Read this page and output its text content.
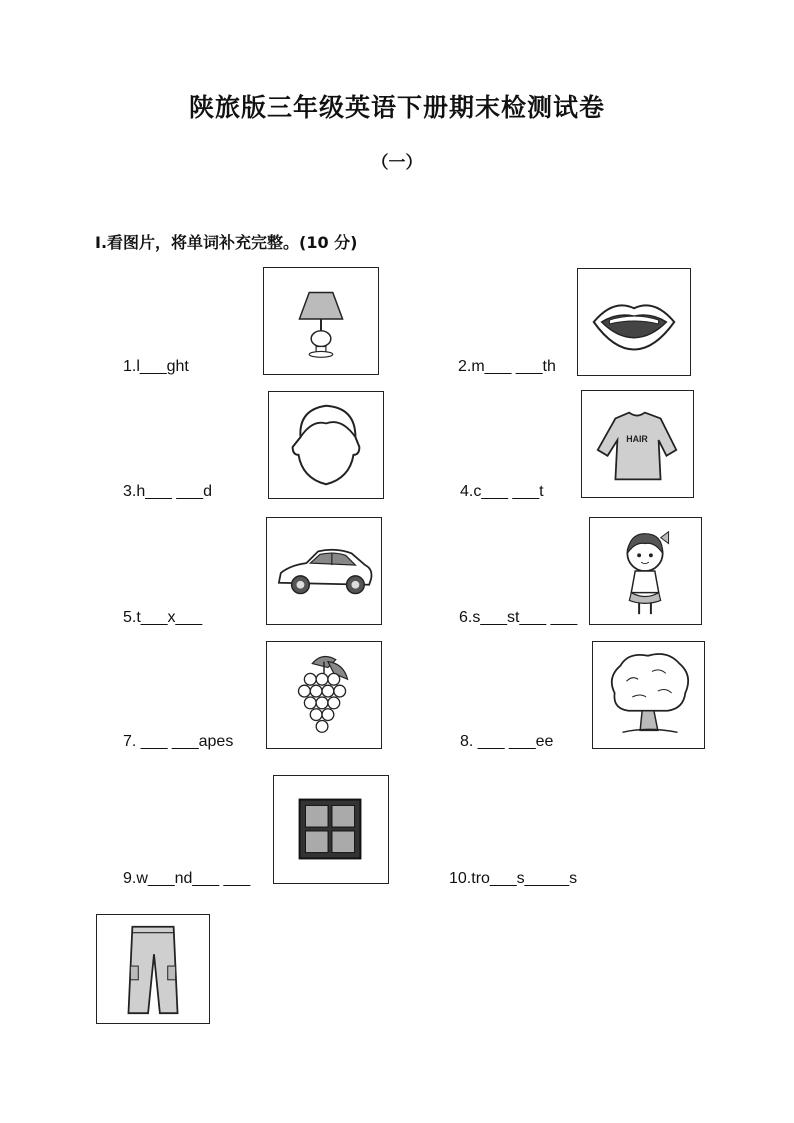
陕旅版三年级英语下册期末检测试卷
（一）
I.看图片，将单词补充完整。(10 分)
1.l___ght	2.m___ ___th
3.h___ ___d	4.c___ ___t
HAIR
5.t___x___	6.s___st___ ___
7. ___ ___apes	8. ___ ___ee
9.w___nd___ ___	10.tro___s_____s
